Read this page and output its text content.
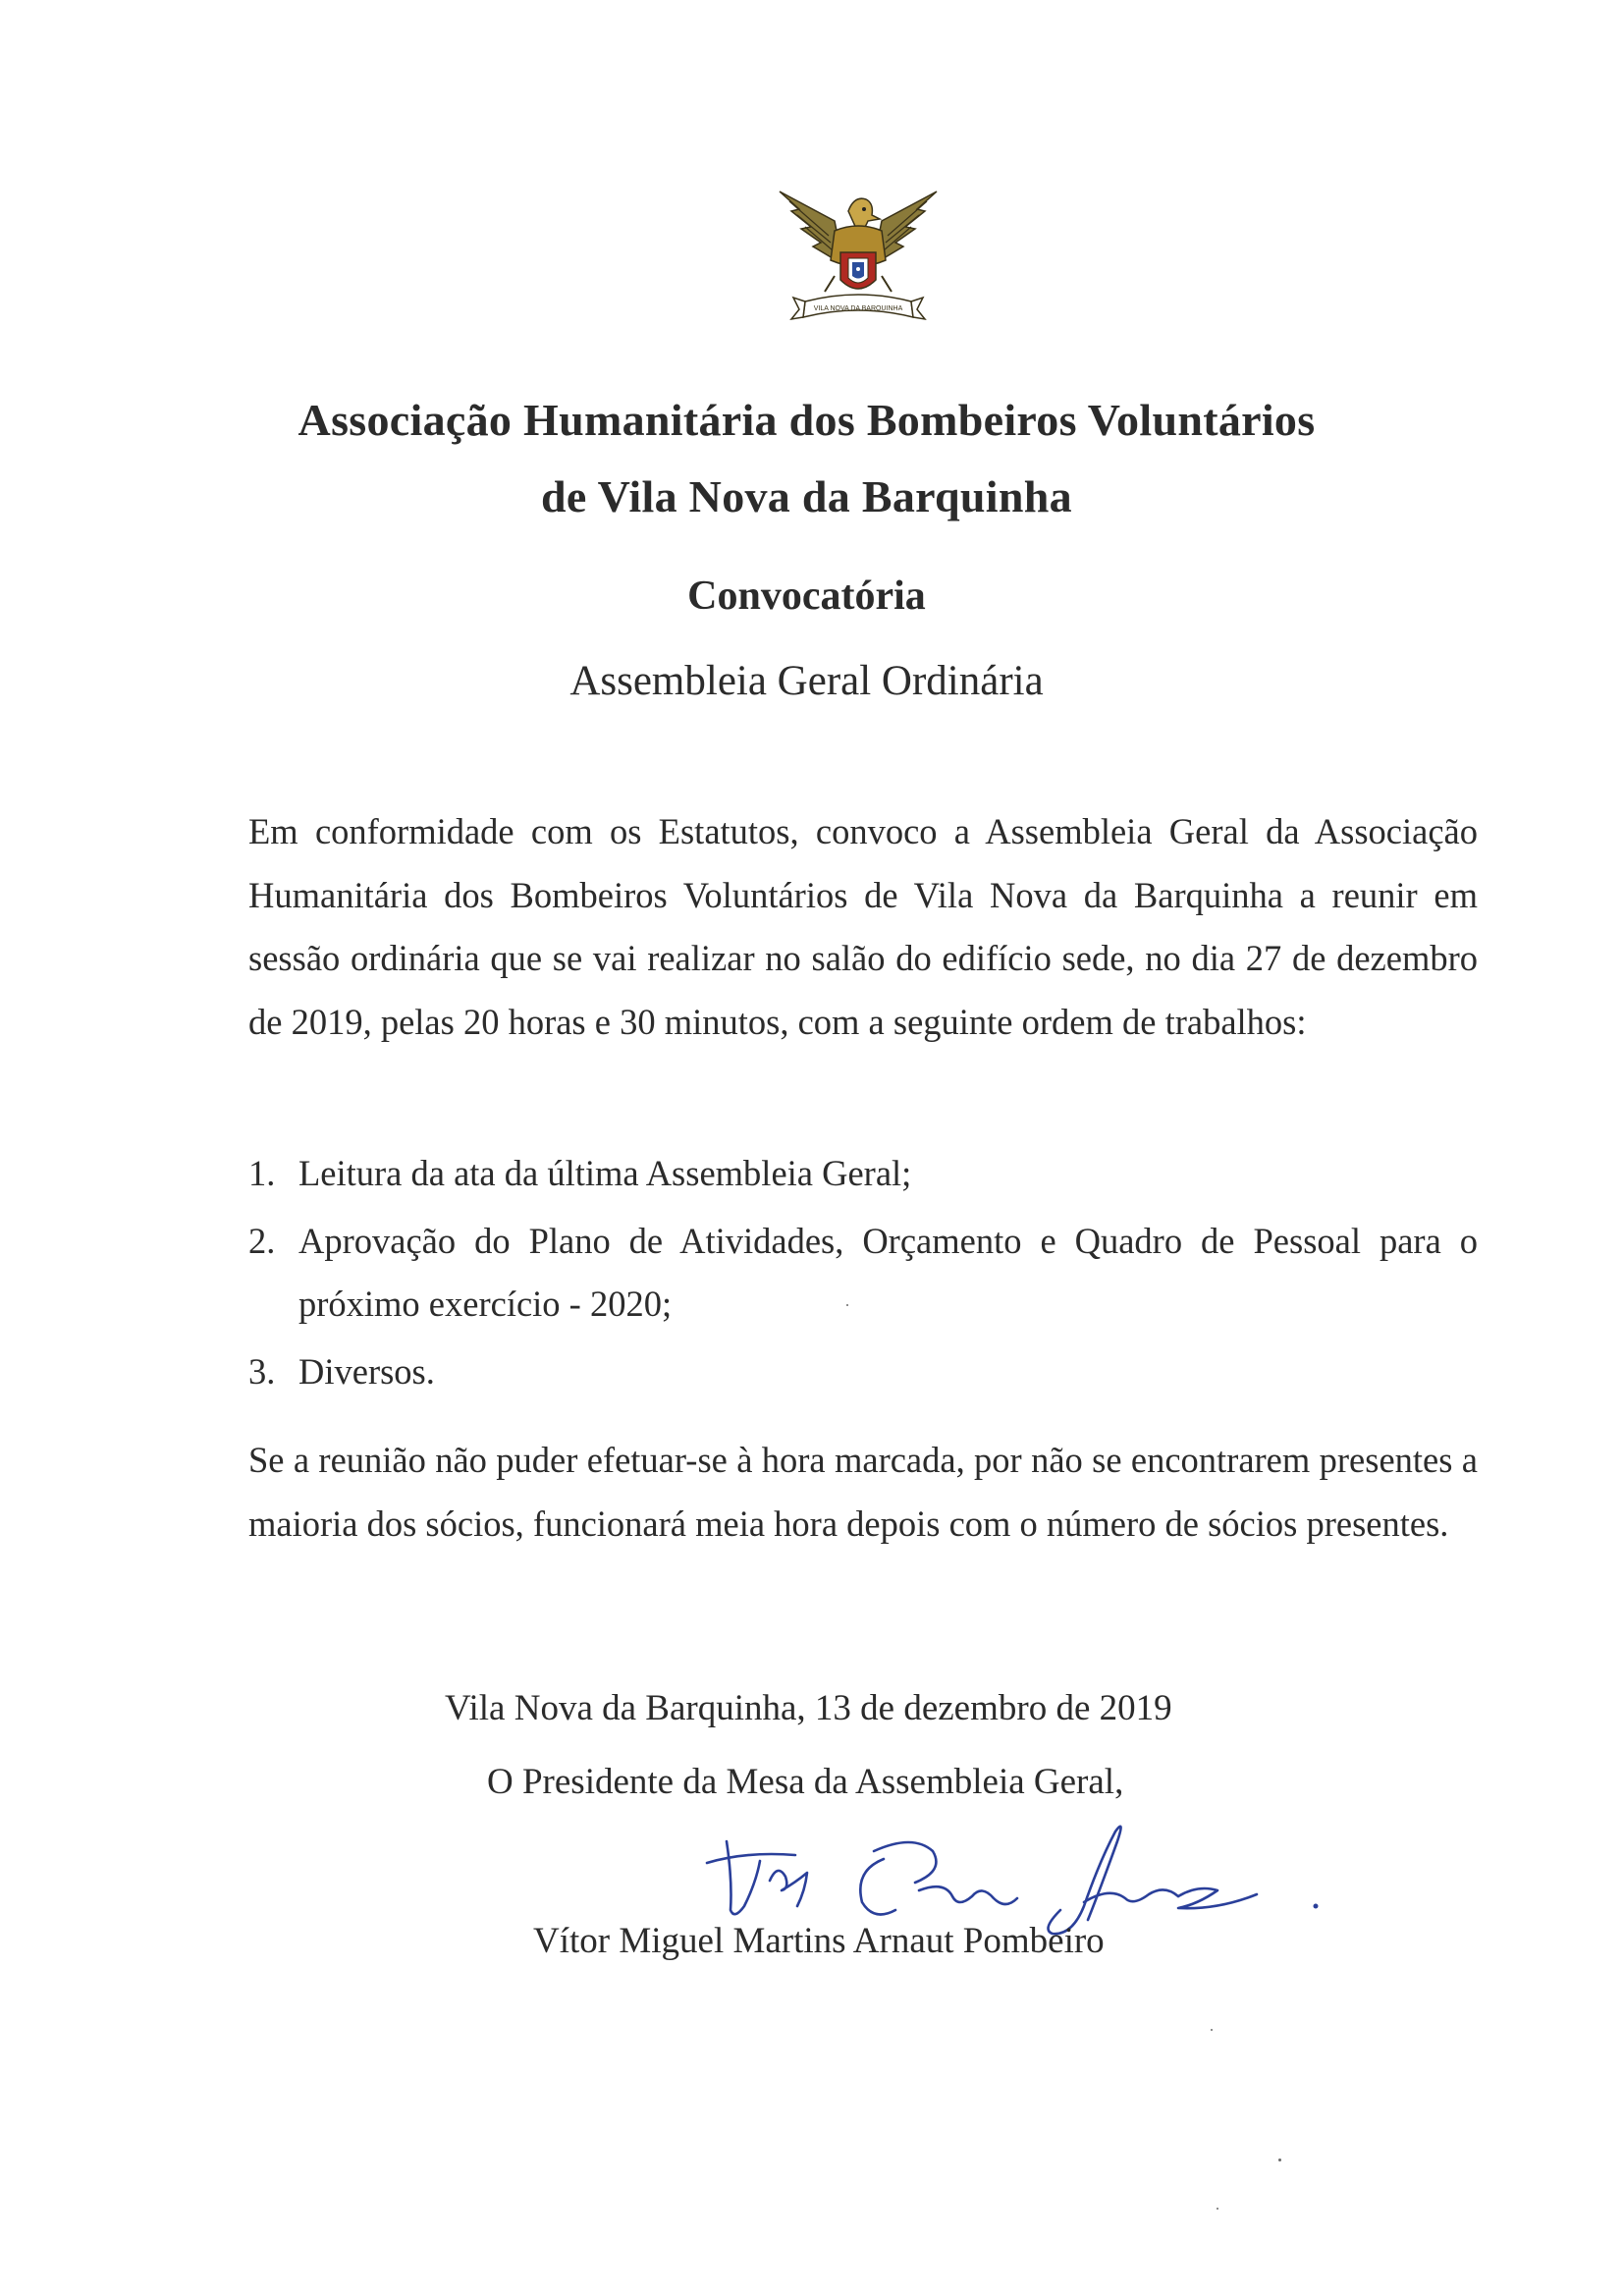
VILA NOVA DA BARQUINHA
Associação Humanitária dos Bombeiros Voluntários
de Vila Nova da Barquinha
Convocatória
Assembleia Geral Ordinária
Em conformidade com os Estatutos, convoco a Assembleia Geral da Associação Humanitária dos Bombeiros Voluntários de Vila Nova da Barquinha a reunir em sessão ordinária que se vai realizar no salão do edifício sede, no dia 27 de dezembro de 2019, pelas 20 horas e 30 minutos, com a seguinte ordem de trabalhos:
1. Leitura da ata da última Assembleia Geral;
2. Aprovação do Plano de Atividades, Orçamento e Quadro de Pessoal para o próximo exercício - 2020;
3. Diversos.
Se a reunião não puder efetuar-se à hora marcada, por não se encontrarem presentes a maioria dos sócios, funcionará meia hora depois com o número de sócios presentes.
Vila Nova da Barquinha, 13 de dezembro de 2019
O Presidente da Mesa da Assembleia Geral,
Vítor Miguel Martins Arnaut Pombeiro
